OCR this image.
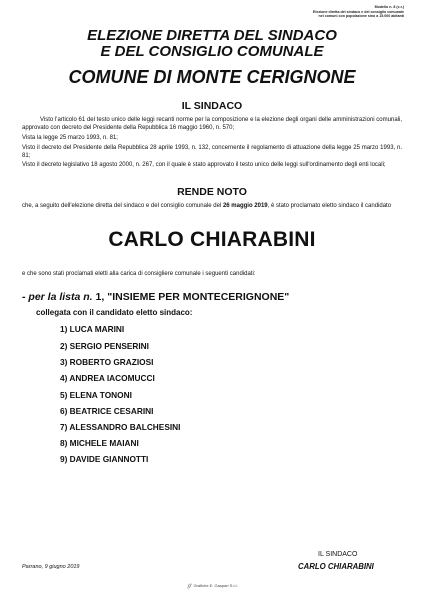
Modello n. 8 (c.r.)
Elezione diretta del sindaco e del consiglio comunale
nei comuni con popolazione sino a 15.000 abitanti
ELEZIONE DIRETTA DEL SINDACO
E DEL CONSIGLIO COMUNALE
COMUNE DI MONTE CERIGNONE
IL SINDACO

Visto l'articolo 61 del testo unico delle leggi recanti norme per la composizione e la elezione degli organi delle amministrazioni comunali, approvato con decreto del Presidente della Repubblica 16 maggio 1960, n. 570;

Vista la legge 25 marzo 1993, n. 81;

Visto il decreto del Presidente della Repubblica 28 aprile 1993, n. 132, concernente il regolamento di attuazione della legge 25 marzo 1993, n. 81;

Visto il decreto legislativo 18 agosto 2000, n. 267, con il quale è stato approvato il testo unico delle leggi sull'ordinamento degli enti locali;

RENDE NOTO
che, a seguito dell'elezione diretta del sindaco e del consiglio comunale del 26 maggio 2019, è stato proclamato eletto sindaco il candidato
CARLO CHIARABINI
e che sono stati proclamati eletti alla carica di consigliere comunale i seguenti candidati:
- per la lista n. 1, "INSIEME PER MONTECERIGNONE"
collegata con il candidato eletto sindaco:
1) LUCA MARINI
2) SERGIO PENSERINI
3) ROBERTO GRAZIOSI
4) ANDREA IACOMUCCI
5) ELENA TONONI
6) BEATRICE CESARINI
7) ALESSANDRO BALCHESINI
8) MICHELE MAIANI
9) DAVIDE GIANNOTTI
IL SINDACO
CARLO CHIARABINI
Parrano, 9 giugno 2019
ℊ Grafiche E. Gaspari S.r.l.
